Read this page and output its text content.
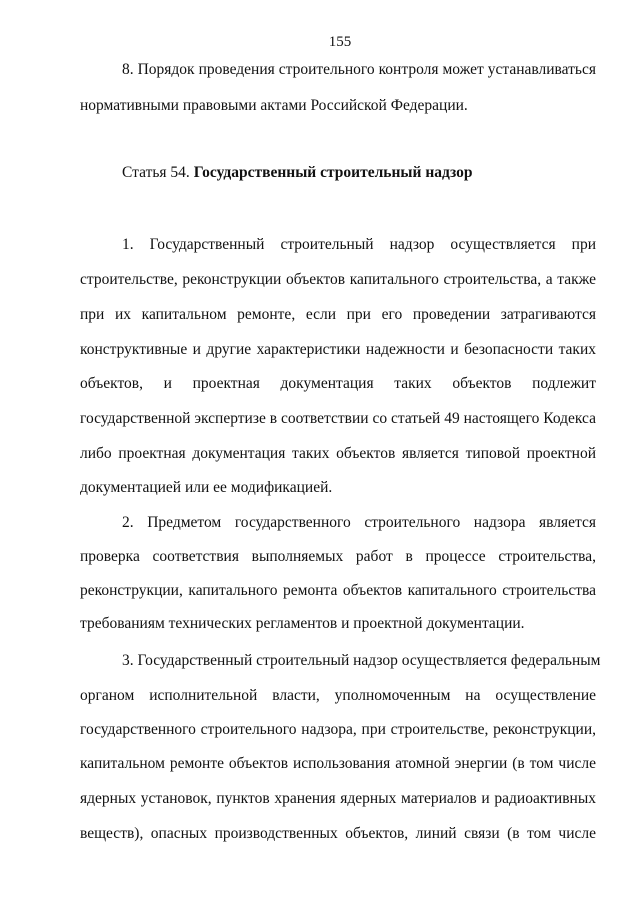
155
8. Порядок проведения строительного контроля может устанавливаться
нормативными правовыми актами Российской Федерации.
Статья 54. Государственный строительный надзор
1. Государственный строительный надзор осуществляется при
строительстве, реконструкции объектов капитального строительства, а также
при их капитальном ремонте, если при его проведении затрагиваются
конструктивные и другие характеристики надежности и безопасности таких
объектов, и проектная документация таких объектов подлежит
государственной экспертизе в соответствии со статьей 49 настоящего Кодекса
либо проектная документация таких объектов является типовой проектной
документацией или ее модификацией.
2. Предметом государственного строительного надзора является
проверка соответствия выполняемых работ в процессе строительства,
реконструкции, капитального ремонта объектов капитального строительства
требованиям технических регламентов и проектной документации.
3. Государственный строительный надзор осуществляется федеральным
органом исполнительной власти, уполномоченным на осуществление
государственного строительного надзора, при строительстве, реконструкции,
капитальном ремонте объектов использования атомной энергии (в том числе
ядерных установок, пунктов хранения ядерных материалов и радиоактивных
веществ), опасных производственных объектов, линий связи (в том числе
